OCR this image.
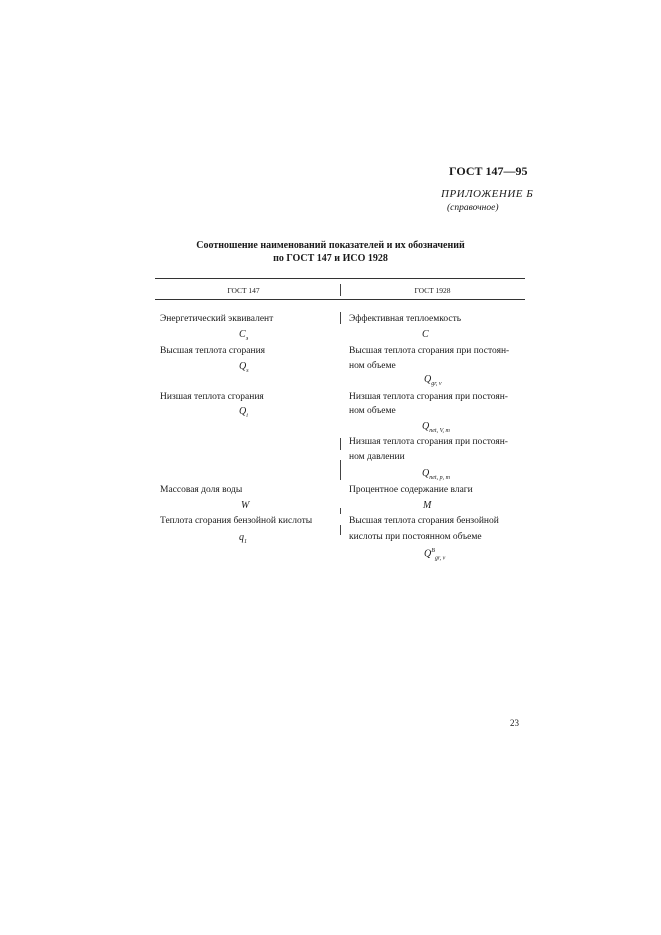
ГОСТ 147—95
ПРИЛОЖЕНИЕ Б
(справочное)
Соотношение наименований показателей и их обозначений
по ГОСТ 147 и ИСО 1928
ГОСТ 147	ГОСТ 1928
Энергетический эквивалент
$C_э$
Высшая теплота сгорания
$Q_s$
Низшая теплота сгорания
$Q_i$
Массовая доля воды
W
Теплота сгорания бензойной кислоты
$q_1$
Эффективная теплоемкость
C
Высшая теплота сгорания при постоян-
ном объеме
$Q_{gr, v}$
Низшая теплота сгорания при постоян-
ном объеме
$Q_{net, V, m}$
Низшая теплота сгорания при постоян-
ном давлении
$Q_{net, p, m}$
Процентное содержание влаги
M
Высшая теплота сгорания бензойной
кислоты при постоянном объеме
$Q^B_{gr, v}$
23
